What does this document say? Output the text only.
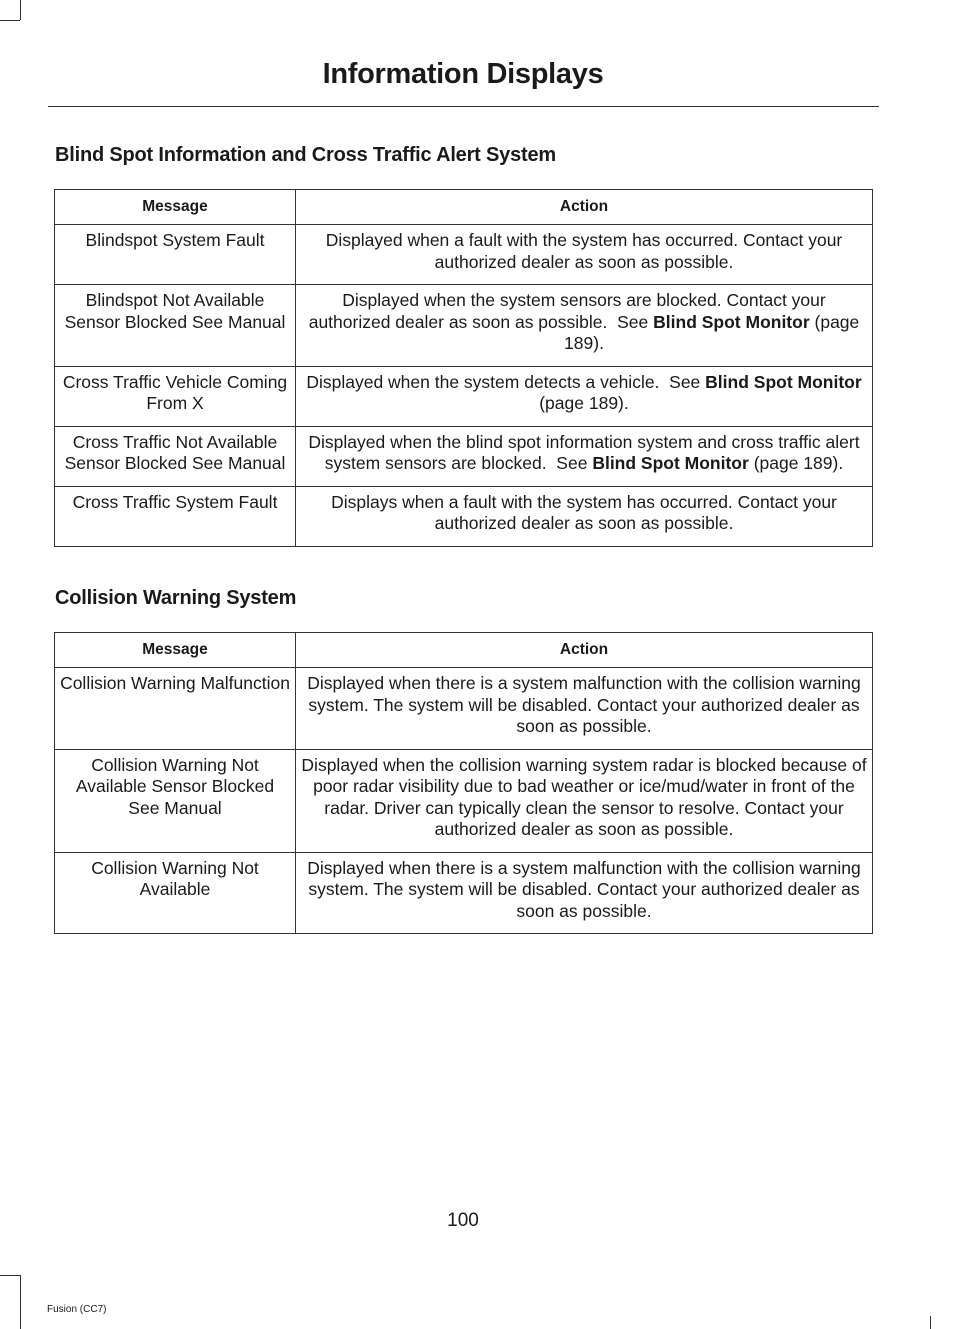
Information Displays
Blind Spot Information and Cross Traffic Alert System
Message	Action
Blindspot System Fault	Displayed when a fault with the system has occurred. Contact your authorized dealer as soon as possible.
Blindspot Not Available Sensor Blocked See Manual	Displayed when the system sensors are blocked. Contact your authorized dealer as soon as possible. See Blind Spot Monitor (page 189).
Cross Traffic Vehicle Coming From X	Displayed when the system detects a vehicle. See Blind Spot Monitor (page 189).
Cross Traffic Not Available Sensor Blocked See Manual	Displayed when the blind spot information system and cross traffic alert system sensors are blocked. See Blind Spot Monitor (page 189).
Cross Traffic System Fault	Displays when a fault with the system has occurred. Contact your authorized dealer as soon as possible.
Collision Warning System
Message	Action
Collision Warning Malfunction	Displayed when there is a system malfunction with the collision warning system. The system will be disabled. Contact your authorized dealer as soon as possible.
Collision Warning Not Available Sensor Blocked See Manual	Displayed when the collision warning system radar is blocked because of poor radar visibility due to bad weather or ice/mud/water in front of the radar. Driver can typically clean the sensor to resolve. Contact your authorized dealer as soon as possible.
Collision Warning Not Available	Displayed when there is a system malfunction with the collision warning system. The system will be disabled. Contact your authorized dealer as soon as possible.
100
Fusion (CC7)
